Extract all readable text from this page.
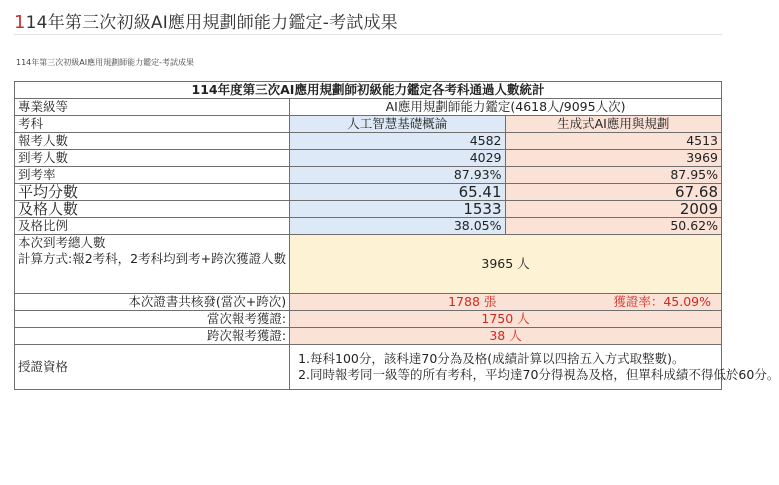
114年第三次初級AI應用規劃師能力鑑定-考試成果
114年第三次初級AI應用規劃師能力鑑定-考試成果
114年度第三次AI應用規劃師初級能力鑑定各考科通過人數統計		
專業級等	AI應用規劃師能力鑑定(4618人/9095人次)	
考科	人工智慧基礎概論	生成式AI應用與規劃
報考人數	4582	4513
到考人數	4029	3969
到考率	87.93%	87.95%
平均分數	65.41	67.68
及格人數	1533	2009
及格比例	38.05%	50.62%

本次到考總人數
計算方式:報2考科，2考科均到考+跨次獲證人數	3965 人	
本次證書共核發(當次+跨次)	1788 張 獲證率：45.09%	

當次報考獲證:	1750 人	
跨次報考獲證:	38 人	
授證資格	1.每科100分，該科達70分為及格(成績計算以四捨五入方式取整數)。
2.同時報考同一級等的所有考科，平均達70分得視為及格，但單科成績不得低於60分。	
